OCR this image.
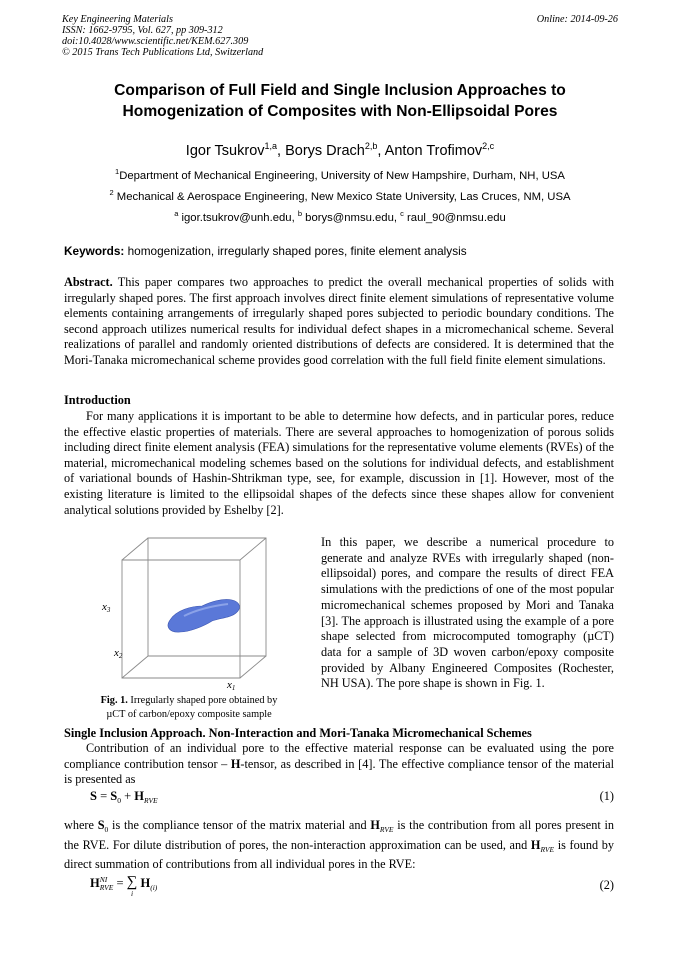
Key Engineering Materials
ISSN: 1662-9795, Vol. 627, pp 309-312
doi:10.4028/www.scientific.net/KEM.627.309
© 2015 Trans Tech Publications Ltd, Switzerland
Online: 2014-09-26
Comparison of Full Field and Single Inclusion Approaches to
Homogenization of Composites with Non-Ellipsoidal Pores
Igor Tsukrov$^{1,a}$, Borys Drach$^{2,b}$, Anton Trofimov$^{2,c}$
$^1$Department of Mechanical Engineering, University of New Hampshire, Durham, NH, USA
$^2$ Mechanical & Aerospace Engineering, New Mexico State University, Las Cruces, NM, USA
$^a$ igor.tsukrov@unh.edu, $^b$ borys@nmsu.edu, $^c$ raul_90@nmsu.edu
Keywords: homogenization, irregularly shaped pores, finite element analysis
Abstract. This paper compares two approaches to predict the overall mechanical properties of solids with irregularly shaped pores. The first approach involves direct finite element simulations of representative volume elements containing arrangements of irregularly shaped pores subjected to periodic boundary conditions. The second approach utilizes numerical results for individual defect shapes in a micromechanical scheme. Several realizations of parallel and randomly oriented distributions of defects are considered. It is determined that the Mori-Tanaka micromechanical scheme provides good correlation with the full field finite element simulations.
Introduction
For many applications it is important to be able to determine how defects, and in particular pores, reduce the effective elastic properties of materials. There are several approaches to homogenization of porous solids including direct finite element analysis (FEA) simulations for the representative volume elements (RVEs) of the material, micromechanical modeling schemes based on the solutions for individual defects, and establishment of variational bounds of Hashin-Shtrikman type, see, for example, discussion in [1]. However, most of the existing literature is limited to the ellipsoidal shapes of the defects since these shapes allow for convenient analytical solutions provided by Eshelby [2].
x3
x2
x1
Fig. 1. Irregularly shaped pore obtained by
µCT of carbon/epoxy composite sample
In this paper, we describe a numerical procedure to generate and analyze RVEs with irregularly shaped (non-ellipsoidal) pores, and compare the results of direct FEA simulations with the predictions of one of the most popular micromechanical schemes proposed by Mori and Tanaka [3]. The approach is illustrated using the example of a pore shape selected from microcomputed tomography (µCT) data for a sample of 3D woven carbon/epoxy composite provided by Albany Engineered Composites (Rochester, NH USA). The pore shape is shown in Fig. 1.
Single Inclusion Approach. Non-Interaction and Mori-Tanaka Micromechanical Schemes
Contribution of an individual pore to the effective material response can be evaluated using the pore compliance contribution tensor – H-tensor, as described in [4]. The effective compliance tensor of the material is presented as
$S = S_0 + H_{RVE}$	(1)
where $S_0$ is the compliance tensor of the matrix material and $H_{RVE}$ is the contribution from all pores present in the RVE. For dilute distribution of pores, the non-interaction approximation can be used, and $H_{RVE}$ is found by direct summation of contributions from all individual pores in the RVE:
H NI
RVE = ∑
i
$H_{(i)}$	(2)
